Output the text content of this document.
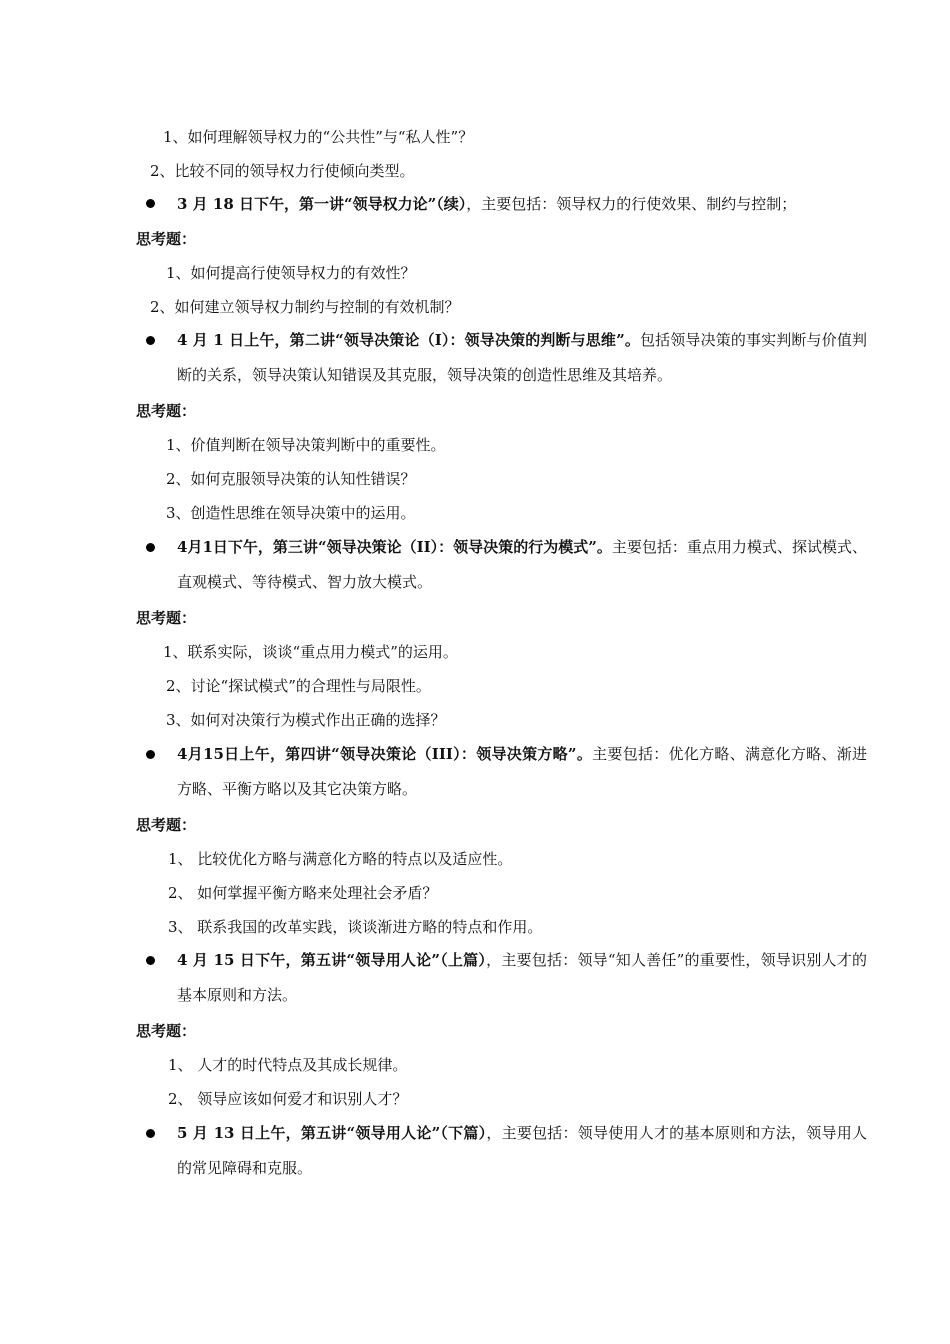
1、如何理解领导权力的“公共性”与“私人性”？
2、比较不同的领导权力行使倾向类型。
3 月 18 日下午，第一讲“领导权力论”（续），主要包括：领导权力的行使效果、制约与控制；
思考题：
1、如何提高行使领导权力的有效性？
2、如何建立领导权力制约与控制的有效机制？
4 月 1 日上午，第二讲“领导决策论（I）：领导决策的判断与思维”。包括领导决策的事实判断与价值判断的关系，领导决策认知错误及其克服，领导决策的创造性思维及其培养。
思考题：
1、价值判断在领导决策判断中的重要性。
2、如何克服领导决策的认知性错误？
3、创造性思维在领导决策中的运用。
4月1日下午，第三讲“领导决策论（II）：领导决策的行为模式”。主要包括：重点用力模式、探试模式、直观模式、等待模式、智力放大模式。
思考题：
1、联系实际，谈谈“重点用力模式”的运用。
2、讨论“探试模式”的合理性与局限性。
3、如何对决策行为模式作出正确的选择？
4月15日上午，第四讲“领导决策论（III）：领导决策方略”。主要包括：优化方略、满意化方略、渐进方略、平衡方略以及其它决策方略。
思考题：
1、 比较优化方略与满意化方略的特点以及适应性。
2、 如何掌握平衡方略来处理社会矛盾？
3、 联系我国的改革实践，谈谈渐进方略的特点和作用。
4 月 15 日下午，第五讲“领导用人论”（上篇），主要包括：领导“知人善任”的重要性，领导识别人才的基本原则和方法。
思考题：
1、 人才的时代特点及其成长规律。
2、 领导应该如何爱才和识别人才？
5 月 13 日上午，第五讲“领导用人论”（下篇），主要包括：领导使用人才的基本原则和方法，领导用人的常见障碍和克服。
